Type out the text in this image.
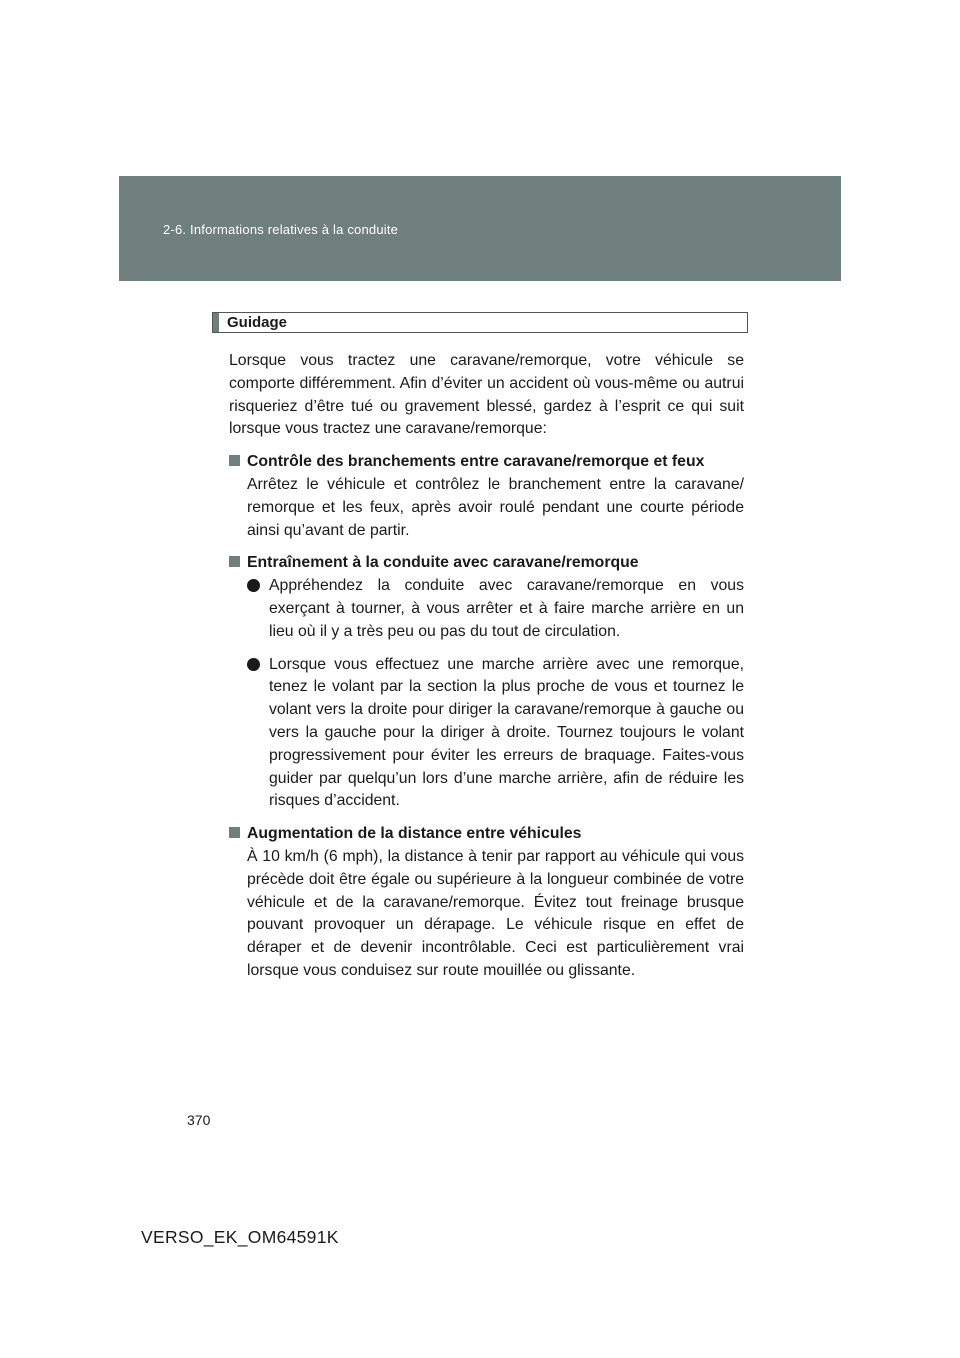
2-6. Informations relatives à la conduite
Guidage

Lorsque vous tractez une caravane/remorque, votre véhicule se comporte différemment. Afin d’éviter un accident où vous-même ou autrui risqueriez d’être tué ou gravement blessé, gardez à l’esprit ce qui suit lorsque vous tractez une caravane/remorque:

Contrôle des branchements entre caravane/remorque et feux

Arrêtez le véhicule et contrôlez le branchement entre la caravane/ remorque et les feux, après avoir roulé pendant une courte période ainsi qu’avant de partir.

Entraînement à la conduite avec caravane/remorque
Appréhendez la conduite avec caravane/remorque en vous exerçant à tourner, à vous arrêter et à faire marche arrière en un lieu où il y a très peu ou pas du tout de circulation.
Lorsque vous effectuez une marche arrière avec une remorque, tenez le volant par la section la plus proche de vous et tournez le volant vers la droite pour diriger la caravane/remorque à gauche ou vers la gauche pour la diriger à droite. Tournez toujours le volant progressivement pour éviter les erreurs de braquage. Faites-vous guider par quelqu’un lors d’une marche arrière, afin de réduire les risques d’accident.
Augmentation de la distance entre véhicules

À 10 km/h (6 mph), la distance à tenir par rapport au véhicule qui vous précède doit être égale ou supérieure à la longueur combinée de votre véhicule et de la caravane/remorque. Évitez tout freinage brusque pouvant provoquer un dérapage. Le véhicule risque en effet de déraper et de devenir incontrôlable. Ceci est particulièrement vrai lorsque vous conduisez sur route mouillée ou glissante.

370
VERSO_EK_OM64591K
